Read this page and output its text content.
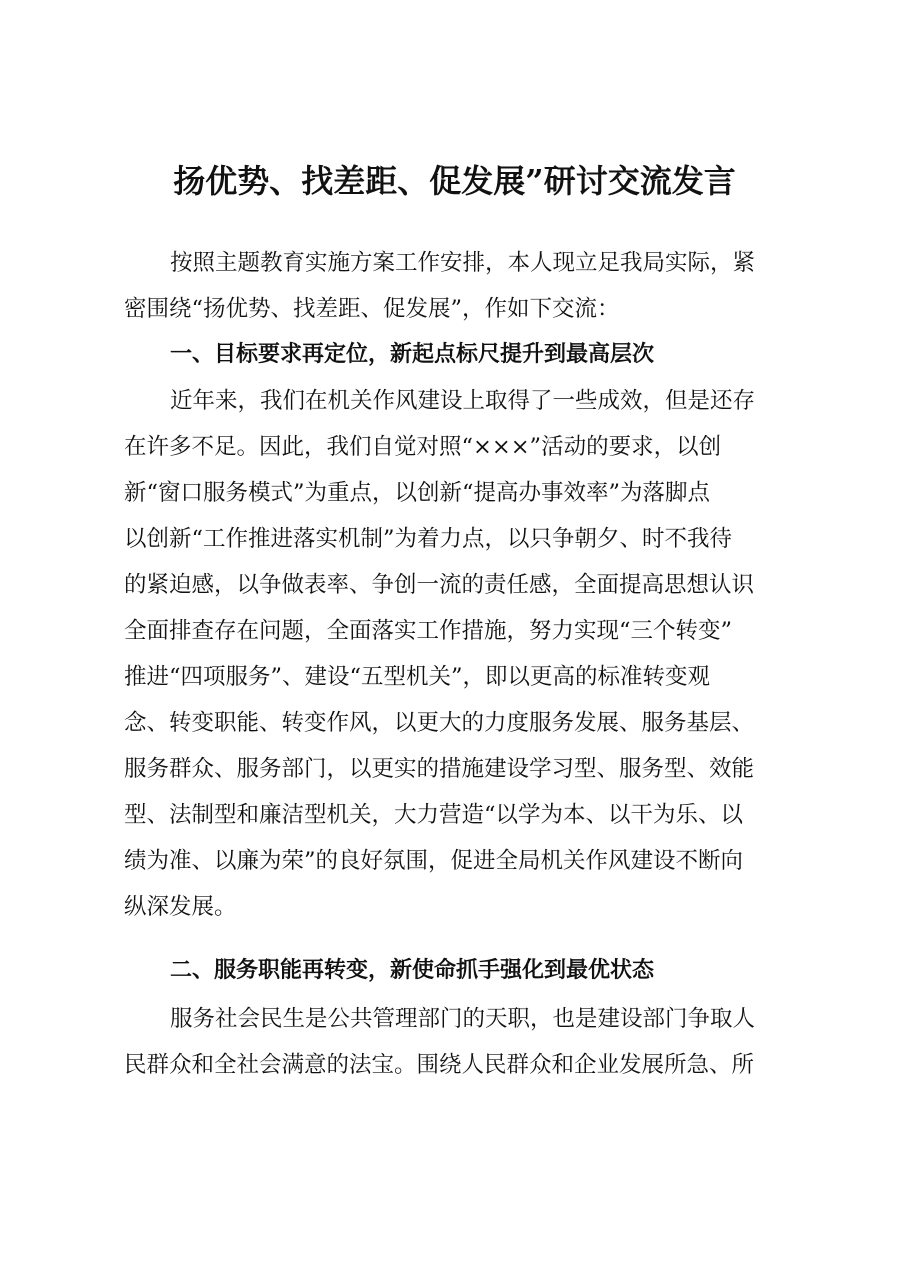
扬优势、找差距、促发展”研讨交流发言
按照主题教育实施方案工作安排，本人现立足我局实际，紧
密围绕“扬优势、找差距、促发展”，作如下交流：
一、目标要求再定位，新起点标尺提升到最高层次
近年来，我们在机关作风建设上取得了一些成效，但是还存
在许多不足。因此，我们自觉对照“×××”活动的要求，以创
新“窗口服务模式”为重点，以创新“提高办事效率”为落脚点
以创新“工作推进落实机制”为着力点，以只争朝夕、时不我待
的紧迫感，以争做表率、争创一流的责任感，全面提高思想认识
全面排查存在问题，全面落实工作措施，努力实现“三个转变”
推进“四项服务”、建设“五型机关”，即以更高的标准转变观
念、转变职能、转变作风，以更大的力度服务发展、服务基层、
服务群众、服务部门，以更实的措施建设学习型、服务型、效能
型、法制型和廉洁型机关，大力营造“以学为本、以干为乐、以
绩为准、以廉为荣”的良好氛围，促进全局机关作风建设不断向
纵深发展。
二、服务职能再转变，新使命抓手强化到最优状态
服务社会民生是公共管理部门的天职，也是建设部门争取人
民群众和全社会满意的法宝。围绕人民群众和企业发展所急、所
